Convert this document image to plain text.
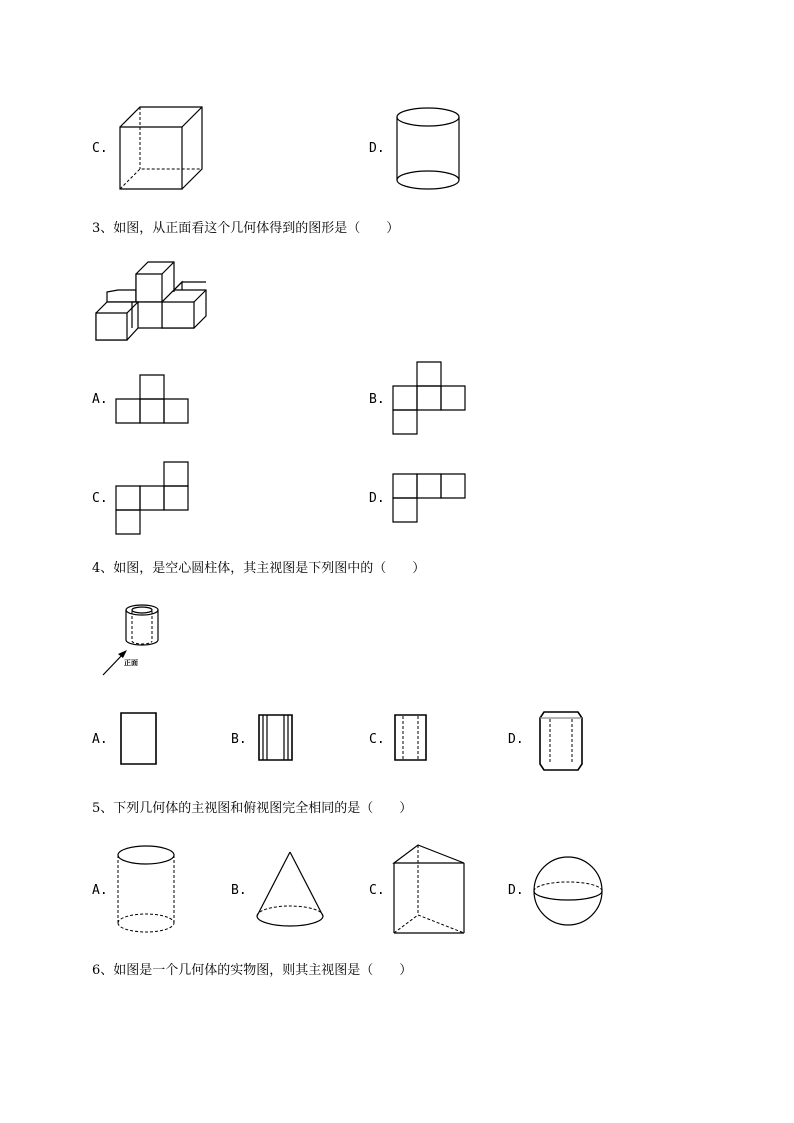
C.	D.
3、如图，从正面看这个几何体得到的图形是（　　）
A.	B.
C.	D.
4、如图，是空心圆柱体，其主视图是下列图中的（　　）
正面
A.	B.	C.	D.
5、下列几何体的主视图和俯视图完全相同的是（　　）
A.	B.	C.	D.
6、如图是一个几何体的实物图，则其主视图是（　　）
